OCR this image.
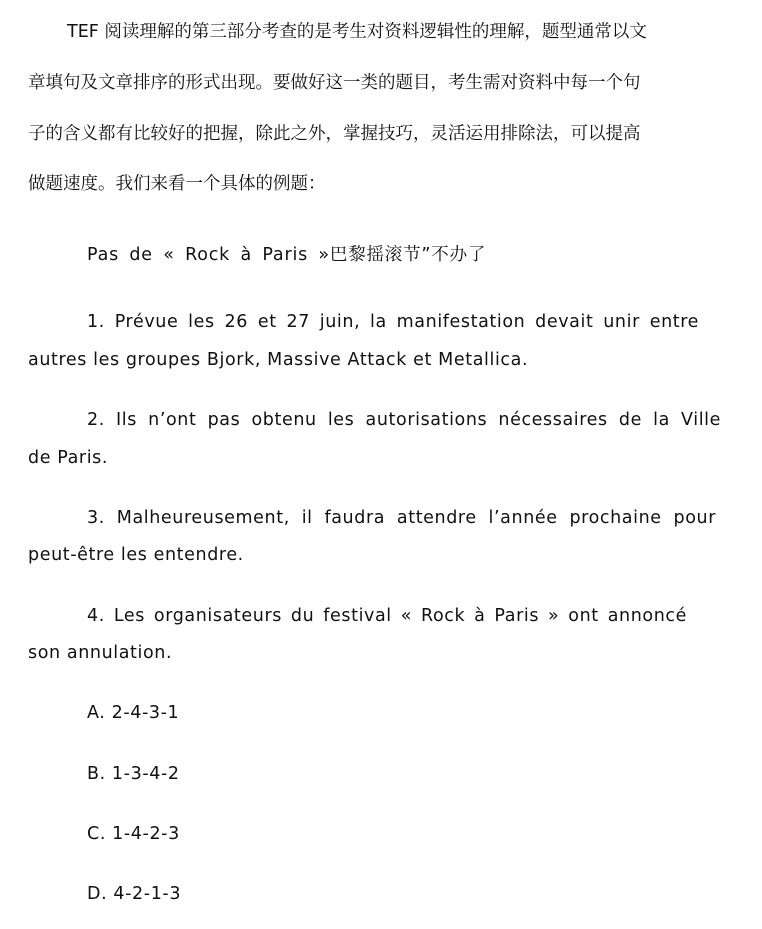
TEF 阅读理解的第三部分考查的是考生对资料逻辑性的理解，题型通常以文
章填句及文章排序的形式出现。要做好这一类的题目，考生需对资料中每一个句
子的含义都有比较好的把握，除此之外，掌握技巧，灵活运用排除法，可以提高
做题速度。我们来看一个具体的例题：
Pas de « Rock à Paris »巴黎摇滚节”不办了
1. Prévue les 26 et 27 juin, la manifestation devait unir entre
autres les groupes Bjork, Massive Attack et Metallica.
2. Ils n’ont pas obtenu les autorisations nécessaires de la Ville
de Paris.
3. Malheureusement, il faudra attendre l’année prochaine pour
peut-être les entendre.
4. Les organisateurs du festival « Rock à Paris » ont annoncé
son annulation.
A. 2-4-3-1
B. 1-3-4-2
C. 1-4-2-3
D. 4-2-1-3
